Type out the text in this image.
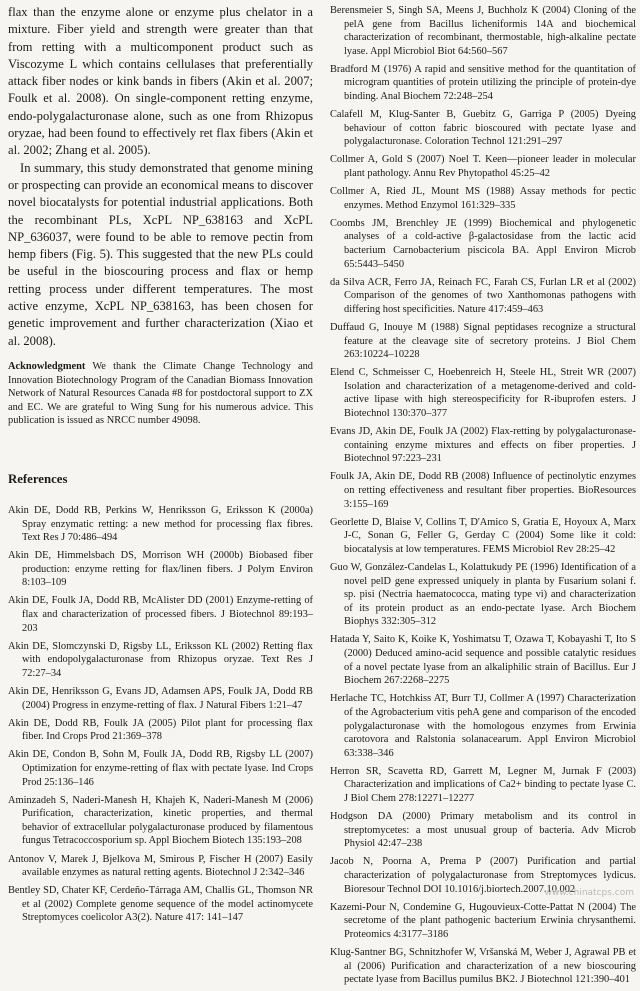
flax than the enzyme alone or enzyme plus chelator in a mixture. Fiber yield and strength were greater than that from retting with a multicomponent product such as Viscozyme L which contains cellulases that preferentially attack fiber nodes or kink bands in fibers (Akin et al. 2007; Foulk et al. 2008). On single-component retting enzyme, endo-polygalacturonase alone, such as one from Rhizopus oryzae, had been found to effectively ret flax fibers (Akin et al. 2002; Zhang et al. 2005).

In summary, this study demonstrated that genome mining or prospecting can provide an economical means to discover novel biocatalysts for potential industrial applications. Both the recombinant PLs, XcPL NP_638163 and XcPL NP_636037, were found to be able to remove pectin from hemp fibers (Fig. 5). This suggested that the new PLs could be useful in the bioscouring process and flax or hemp retting process under different temperatures. The most active enzyme, XcPL NP_638163, has been chosen for genetic improvement and further characterization (Xiao et al. 2008).

Acknowledgment We thank the Climate Change Technology and Innovation Biotechnology Program of the Canadian Biomass Innovation Network of Natural Resources Canada #8 for postdoctoral support to ZX and EC. We are grateful to Wing Sung for his numerous advice. This publication is issued as NRCC number 49098.

References

Akin DE, Dodd RB, Perkins W, Henriksson G, Eriksson K (2000a) Spray enzymatic retting: a new method for processing flax fibres. Text Res J 70:486–494

Akin DE, Himmelsbach DS, Morrison WH (2000b) Biobased fiber production: enzyme retting for flax/linen fibers. J Polym Environ 8:103–109

Akin DE, Foulk JA, Dodd RB, McAlister DD (2001) Enzyme-retting of flax and characterization of processed fibers. J Biotechnol 89:193–203

Akin DE, Slomczynski D, Rigsby LL, Eriksson KL (2002) Retting flax with endopolygalacturonase from Rhizopus oryzae. Text Res J 72:27–34

Akin DE, Henriksson G, Evans JD, Adamsen APS, Foulk JA, Dodd RB (2004) Progress in enzyme-retting of flax. J Natural Fibers 1:21–47

Akin DE, Dodd RB, Foulk JA (2005) Pilot plant for processing flax fiber. Ind Crops Prod 21:369–378

Akin DE, Condon B, Sohn M, Foulk JA, Dodd RB, Rigsby LL (2007) Optimization for enzyme-retting of flax with pectate lyase. Ind Crops Prod 25:136–146

Aminzadeh S, Naderi-Manesh H, Khajeh K, Naderi-Manesh M (2006) Purification, characterization, kinetic properties, and thermal behavior of extracellular polygalacturonase produced by filamentous fungus Tetracoccosporium sp. Appl Biochem Biotech 135:193–208

Antonov V, Marek J, Bjelkova M, Smirous P, Fischer H (2007) Easily available enzymes as natural retting agents. Biotechnol J 2:342–346

Bentley SD, Chater KF, Cerdeño-Tárraga AM, Challis GL, Thomson NR et al (2002) Complete genome sequence of the model actinomycete Streptomyces coelicolor A3(2). Nature 417: 141–147

Berensmeier S, Singh SA, Meens J, Buchholz K (2004) Cloning of the pelA gene from Bacillus licheniformis 14A and biochemical characterization of recombinant, thermostable, high-alkaline pectate lyase. Appl Microbiol Biot 64:560–567

Bradford M (1976) A rapid and sensitive method for the quantitation of microgram quantities of protein utilizing the principle of protein-dye binding. Anal Biochem 72:248–254

Calafell M, Klug-Santer B, Guebitz G, Garriga P (2005) Dyeing behaviour of cotton fabric bioscoured with pectate lyase and polygalacturonase. Coloration Technol 121:291–297

Collmer A, Gold S (2007) Noel T. Keen—pioneer leader in molecular plant pathology. Annu Rev Phytopathol 45:25–42

Collmer A, Ried JL, Mount MS (1988) Assay methods for pectic enzymes. Method Enzymol 161:329–335

Coombs JM, Brenchley JE (1999) Biochemical and phylogenetic analyses of a cold-active β-galactosidase from the lactic acid bacterium Carnobacterium piscicola BA. Appl Environ Microb 65:5443–5450

da Silva ACR, Ferro JA, Reinach FC, Farah CS, Furlan LR et al (2002) Comparison of the genomes of two Xanthomonas pathogens with differing host specificities. Nature 417:459–463

Duffaud G, Inouye M (1988) Signal peptidases recognize a structural feature at the cleavage site of secretory proteins. J Biol Chem 263:10224–10228

Elend C, Schmeisser C, Hoebenreich H, Steele HL, Streit WR (2007) Isolation and characterization of a metagenome-derived and cold-active lipase with high stereospecificity for R-ibuprofen esters. J Biotechnol 130:370–377

Evans JD, Akin DE, Foulk JA (2002) Flax-retting by polygalacturonase-containing enzyme mixtures and effects on fiber properties. J Biotechnol 97:223–231

Foulk JA, Akin DE, Dodd RB (2008) Influence of pectinolytic enzymes on retting effectiveness and resultant fiber properties. BioResources 3:155–169

Georlette D, Blaise V, Collins T, D'Amico S, Gratia E, Hoyoux A, Marx J-C, Sonan G, Feller G, Gerday C (2004) Some like it cold: biocatalysis at low temperatures. FEMS Microbiol Rev 28:25–42

Guo W, González-Candelas L, Kolattukudy PE (1996) Identification of a novel pelD gene expressed uniquely in planta by Fusarium solani f. sp. pisi (Nectria haematococca, mating type vi) and characterization of its protein product as an endo-pectate lyase. Arch Biochem Biophys 332:305–312

Hatada Y, Saito K, Koike K, Yoshimatsu T, Ozawa T, Kobayashi T, Ito S (2000) Deduced amino-acid sequence and possible catalytic residues of a novel pectate lyase from an alkaliphilic strain of Bacillus. Eur J Biochem 267:2268–2275

Herlache TC, Hotchkiss AT, Burr TJ, Collmer A (1997) Characterization of the Agrobacterium vitis pehA gene and comparison of the encoded polygalacturonase with the homologous enzymes from Erwinia carotovora and Ralstonia solanacearum. Appl Environ Microbiol 63:338–346

Herron SR, Scavetta RD, Garrett M, Legner M, Jurnak F (2003) Characterization and implications of Ca2+ binding to pectate lyase C. J Biol Chem 278:12271–12277

Hodgson DA (2000) Primary metabolism and its control in streptomycetes: a most unusual group of bacteria. Adv Microb Physiol 42:47–238

Jacob N, Poorna A, Prema P (2007) Purification and partial characterization of polygalacturonase from Streptomyces lydicus. Bioresour Technol DOI 10.1016/j.biortech.2007.10.002

Kazemi-Pour N, Condemine G, Hugouvieux-Cotte-Pattat N (2004) The secretome of the plant pathogenic bacterium Erwinia chrysanthemi. Proteomics 4:3177–3186

Klug-Santner BG, Schnitzhofer W, Vršanská M, Weber J, Agrawal PB et al (2006) Purification and characterization of a new bioscouring pectate lyase from Bacillus pumilus BK2. J Biotechnol 121:390–401

www.chinatcps.com
